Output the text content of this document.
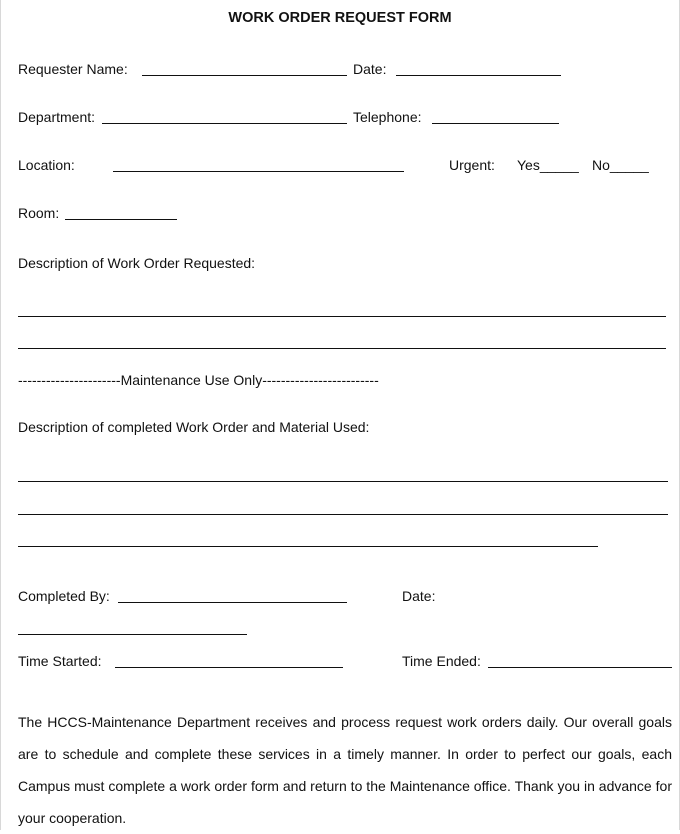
WORK ORDER REQUEST FORM
Requester Name:	Date:
Department:	Telephone:
Location:	Urgent: Yes_____ No_____
Room:
Description of Work Order Requested:
----------------------Maintenance Use Only-------------------------
Description of completed Work Order and Material Used:
Completed By:	Date:
Time Started:	Time Ended:
The HCCS-Maintenance Department receives and process request work orders daily. Our overall goals are to schedule and complete these services in a timely manner. In order to perfect our goals, each Campus must complete a work order form and return to the Maintenance office. Thank you in advance for your cooperation.
